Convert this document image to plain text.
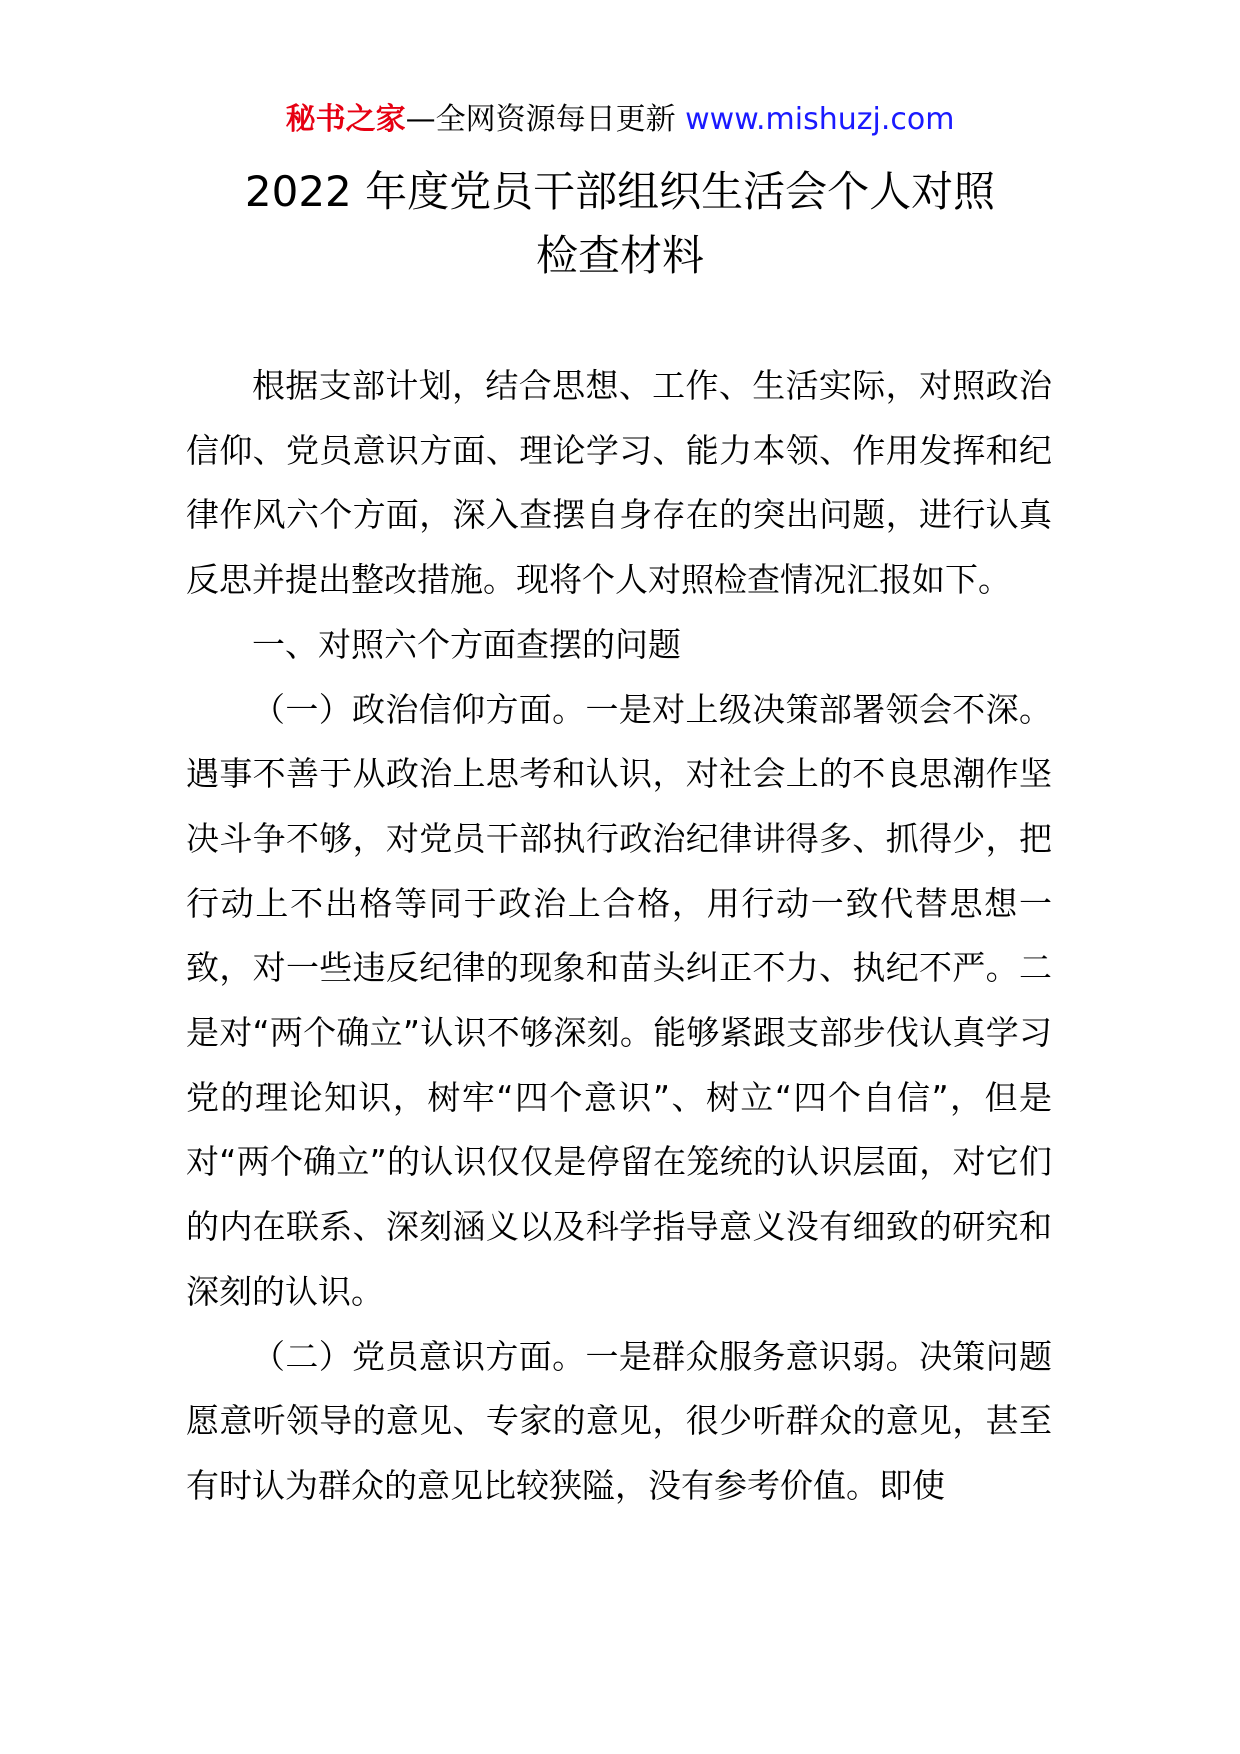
秘书之家—全网资源每日更新 www.mishuzj.com
2022 年度党员干部组织生活会个人对照
检查材料

根据支部计划，结合思想、工作、生活实际，对照政治信仰、党员意识方面、理论学习、能力本领、作用发挥和纪律作风六个方面，深入查摆自身存在的突出问题，进行认真反思并提出整改措施。现将个人对照检查情况汇报如下。

一、对照六个方面查摆的问题

（一）政治信仰方面。一是对上级决策部署领会不深。遇事不善于从政治上思考和认识，对社会上的不良思潮作坚决斗争不够，对党员干部执行政治纪律讲得多、抓得少，把行动上不出格等同于政治上合格，用行动一致代替思想一致，对一些违反纪律的现象和苗头纠正不力、执纪不严。二是对“两个确立”认识不够深刻。能够紧跟支部步伐认真学习党的理论知识，树牢“四个意识”、树立“四个自信”，但是对“两个确立”的认识仅仅是停留在笼统的认识层面，对它们的内在联系、深刻涵义以及科学指导意义没有细致的研究和深刻的认识。

（二）党员意识方面。一是群众服务意识弱。决策问题愿意听领导的意见、专家的意见，很少听群众的意见，甚至有时认为群众的意见比较狭隘，没有参考价值。即使
